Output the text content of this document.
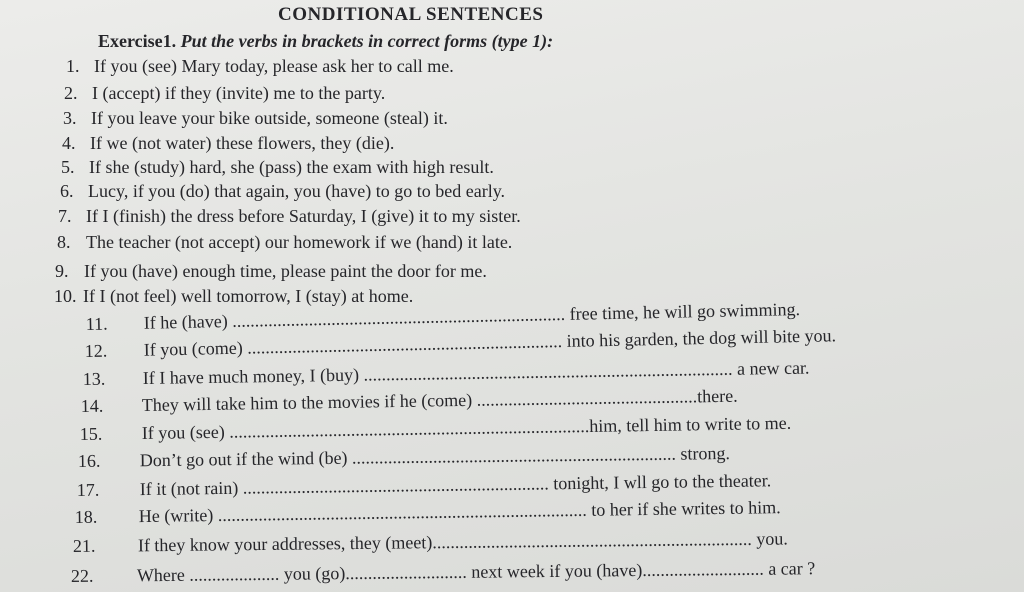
CONDITIONAL SENTENCES
Exercise1. Put the verbs in brackets in correct forms (type 1):
1. If you (see) Mary today, please ask her to call me.
2. I (accept) if they (invite) me to the party.
3. If you leave your bike outside, someone (steal) it.
4. If we (not water) these flowers, they (die).
5. If she (study) hard, she (pass) the exam with high result.
6. Lucy, if you (do) that again, you (have) to go to bed early.
7. If I (finish) the dress before Saturday, I (give) it to my sister.
8. The teacher (not accept) our homework if we (hand) it late.
9. If you (have) enough time, please paint the door for me.
10. If I (not feel) well tomorrow, I (stay) at home.
11. If he (have) .......................................................................... free time, he will go swimming.
12. If you (come) ...................................................................... into his garden, the dog will bite you.
13. If I have much money, I (buy) .................................................................................. a new car.
14. They will take him to the movies if he (come) .................................................there.
15. If you (see) ................................................................................him, tell him to write to me.
16. Don’t go out if the wind (be) ........................................................................ strong.
17. If it (not rain) .................................................................... tonight, I wll go to the theater.
18. He (write) .................................................................................. to her if she writes to him.
21. If they know your addresses, they (meet)....................................................................... you.
22. Where .................... you (go)........................... next week if you (have)........................... a car ?
